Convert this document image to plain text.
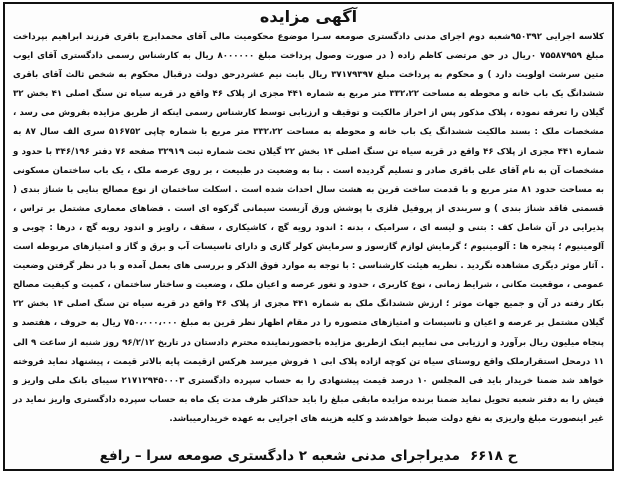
آگهی مزایده
کلاسه اجرایی ۹۵۰۳۹۲شعبه دوم اجرای مدنی دادگستری صومعه سـرا موضوع محکومیت مالی آقای محمدایرج باقری فرزند ابراهیم بپرداخت مبلغ ۷۵۵۸۷۹۵۹ ۰ریال در حق مرتضی کاظم زاده ( در صورت وصول پرداخت مبلغ ۸۰۰۰۰۰۰ ریال به کارشناس رسمی دادگستری آقای ایوب متین سرشت اولویت دارد ) و محکوم به پرداخت مبلغ ۳۷۱۷۹۳۹۷ ریال بابت نیم عشردرحق دولت درقبال محکوم به شخص ثالث آقای باقری ششدانگ یک باب خانه و محوطه به مساحت ۳۳۲،۲۲ متر مربع به شماره ۴۴۱ مجزی از پلاک ۴۶ واقع در قریه سیاه تن سنگ اصلی ۴۱ بخش ۳۲ گیلان را تعرفه نموده ، پلاک مذکور پس از احراز مالکیت و توقیف و ارزیابی توسط کارشناس رسمی اینکه از طریق مزایده بفروش می رسد ، مشخصات ملک : بسند مالکیت ششدانگ یک باب خانه و محوطه به مساحت ۳۳۲،۲۲ متر مربع با شماره چاپی ۵۱۶۷۵۲ سری الف سال ۸۷ به شماره ۴۴۱ مجزی از پلاک ۴۶ واقع در قریه سیاه تن سنگ اصلی ۱۴ بخش ۲۲ گیلان تحت شماره ثبت ۳۲۹۱۹ صفحه ۷۶ دفتر ۳۴۶/۱۹۶ با حدود و مشخصات آن به نام آقای علی باقری صادر و تسلیم گردیده است . بنا به وضعیت در طبیعت ، بر روی عرصه ملک ، یک باب ساختمان مسکونی به مساحت حدود ۸۱ متر مربع و با قدمت ساخت قرین به هشت سال احداث شده است . اسکلت ساختمان از نوع مصالح بنایی با شناژ بندی ( قسمتی فاقد شناژ بندی ) و سربندی از پروفیل فلزی با پوشش ورق آزبست سیمانی گرکوه ای است . فضاهای معماری مشتمل بر تراس ، پذیرایی در آن شامل کف : بتنی و لیسه ای ، سرامیک ، بدنه : اندود رویه گچ ، کاشیکاری ، سقف ، راویز و اندود رویه گچ ، درها : چوبی و آلومینیوم ؛ پنجره ها : آلومینیوم ؛ گرمایش لوازم گازسوز و سرمایش کولر گازی و دارای تاسیسات آب و برق و گاز و امتیازهای مربوطه است . آثار موثر دیگری مشاهده نگردید . نظریه هیئت کارشناسی : با توجه به موارد فوق الذکر و بررسی های بعمل آمده و با در نظر گرفتن وضعیت عمومی ، موقعیت مکانی ، شرایط زمانی ، نوع کاربری ، حدود و تغور عرصه و اعیان ملک ، وضعیت و ساختار ساختمان ، کمیت و کیفیت مصالح بکار رفته در آن و جمیع جهات موثر ؛ ارزش ششدانگ ملک به شماره ۴۴۱ مجزی از پلاک ۴۶ واقع در قریه سیاه تن سنگ اصلی ۱۴ بخش ۲۲ گیلان مشتمل بر عرصه و اعیان و تاسیسات و امتیازهای متصوره را در مقام اظهار نظر قرین به مبلغ ۷۵۰،۰۰۰،۰۰۰ ریال به حروف ، هفتصد و پنجاه میلیون ریال برآورد و ارزیابی می نماییم اینک ازطریق مزایده باحضورنماینده محترم دادستان در تاریخ ۹۶/۲/۱۲ روز شنبه از ساعت ۹ الی ۱۱ درمحل استقرارملک واقع روستای سیاه تن کوچه ازاده پلاک ابی ۱ فروش میرسد هرکس ازقیمت پایه بالاتر قیمت ، پیشنهاد نماید فروخته خواهد شد ضمنا خریدار باید فی المجلس ۱۰ درصد قیمت پیشنهادی را به حساب سپرده دادگستری ۲۱۷۱۲۹۴۵۰۰۰۳ سیبای بانک ملی واریز و فیش را به دفتر شعبه تحویل نماید ضمنا برنده مزایده مابقی مبلغ را باید حداکثر ظرف مدت یک ماه به حساب سپرده دادگستری واریز نماید در غیر اینصورت مبلغ واریزی به نفع دولت ضبط خواهدشد و کلیه هزینه های اجرایی به عهده خریدارمیباشد.
ح ۶۶۱۸
مدیراجرای مدنی شعبه ۲ دادگستری صومعه سرا – رافع
